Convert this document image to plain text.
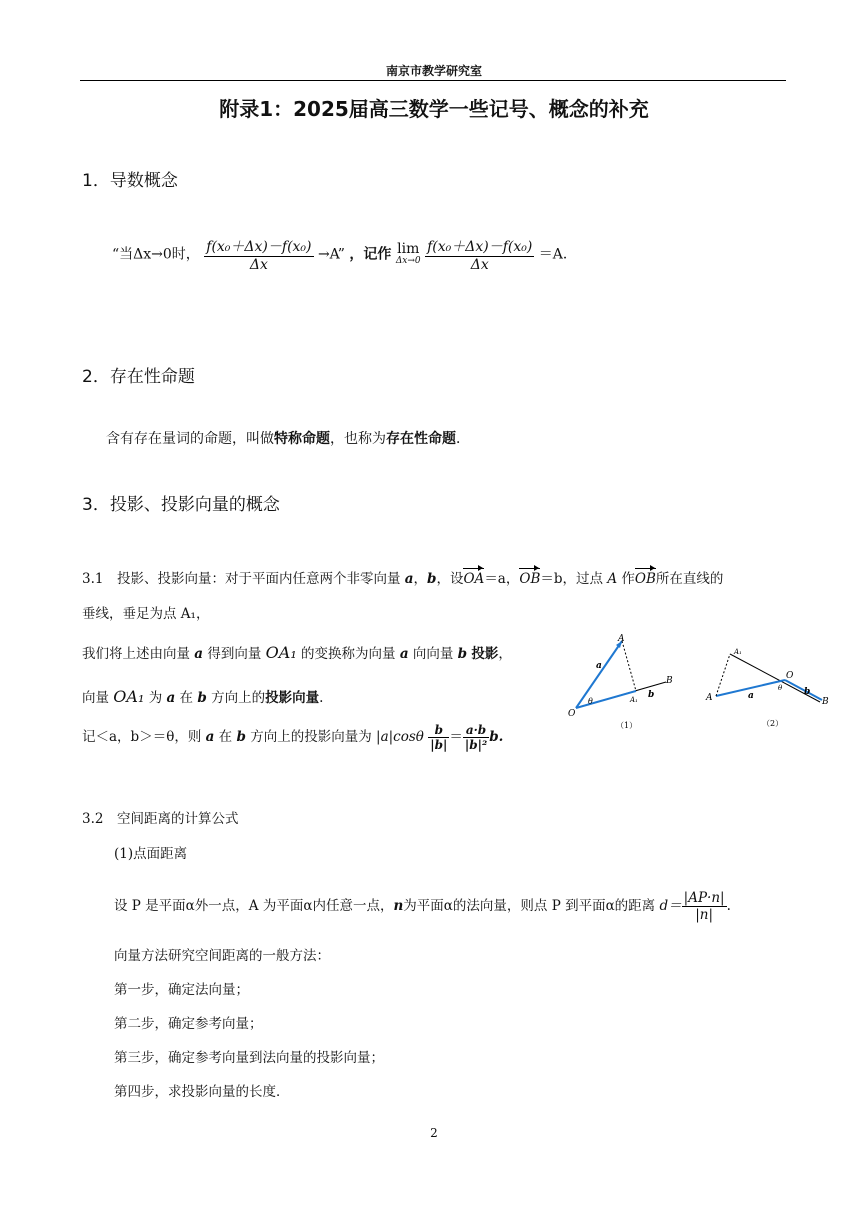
南京市教学研究室
附录1：2025届高三数学一些记号、概念的补充
1．导数概念
“当Δx→0时， $\frac{\text{f(x₀＋Δx)－f(x₀)}}{\Delta x} \to A$” ，记作 lim
Δx→0
$\frac{\text{f(x₀＋Δx)－f(x₀)}}{\Delta x} =A$．
2．存在性命题
含有存在量词的命题，叫做特称命题，也称为存在性命题．
3．投影、投影向量的概念
3.1　投影、投影向量：对于平面内任意两个非零向量 a，b，设OA＝a，OB＝b，过点 A 作OB所在直线的
垂线，垂足为点 A₁，
我们将上述由向量 a 得到向量 OA₁ 的变换称为向量 a 向向量 b 投影，
向量 OA₁ 为 a 在 b 方向上的投影向量.
记＜a，b＞＝θ，则 a 在 b 方向上的投影向量为 $|a|\cos\theta \frac{b}{|b|} = \frac{a\cdot b}{\text{|b|²}} b$.
A
a
θ
O
b
B
A₁
（1）
A₁
O
A	a	b
B
θ
（2）
3.2　空间距离的计算公式
(1)点面距离
设 P 是平面α外一点，A 为平面α内任意一点，n为平面α的法向量，则点 P 到平面α的距离 $d= \frac{|AP\cdot n|}{|n|}$ .
向量方法研究空间距离的一般方法：
第一步，确定法向量；
第二步，确定参考向量；
第三步，确定参考向量到法向量的投影向量；
第四步，求投影向量的长度．
2
